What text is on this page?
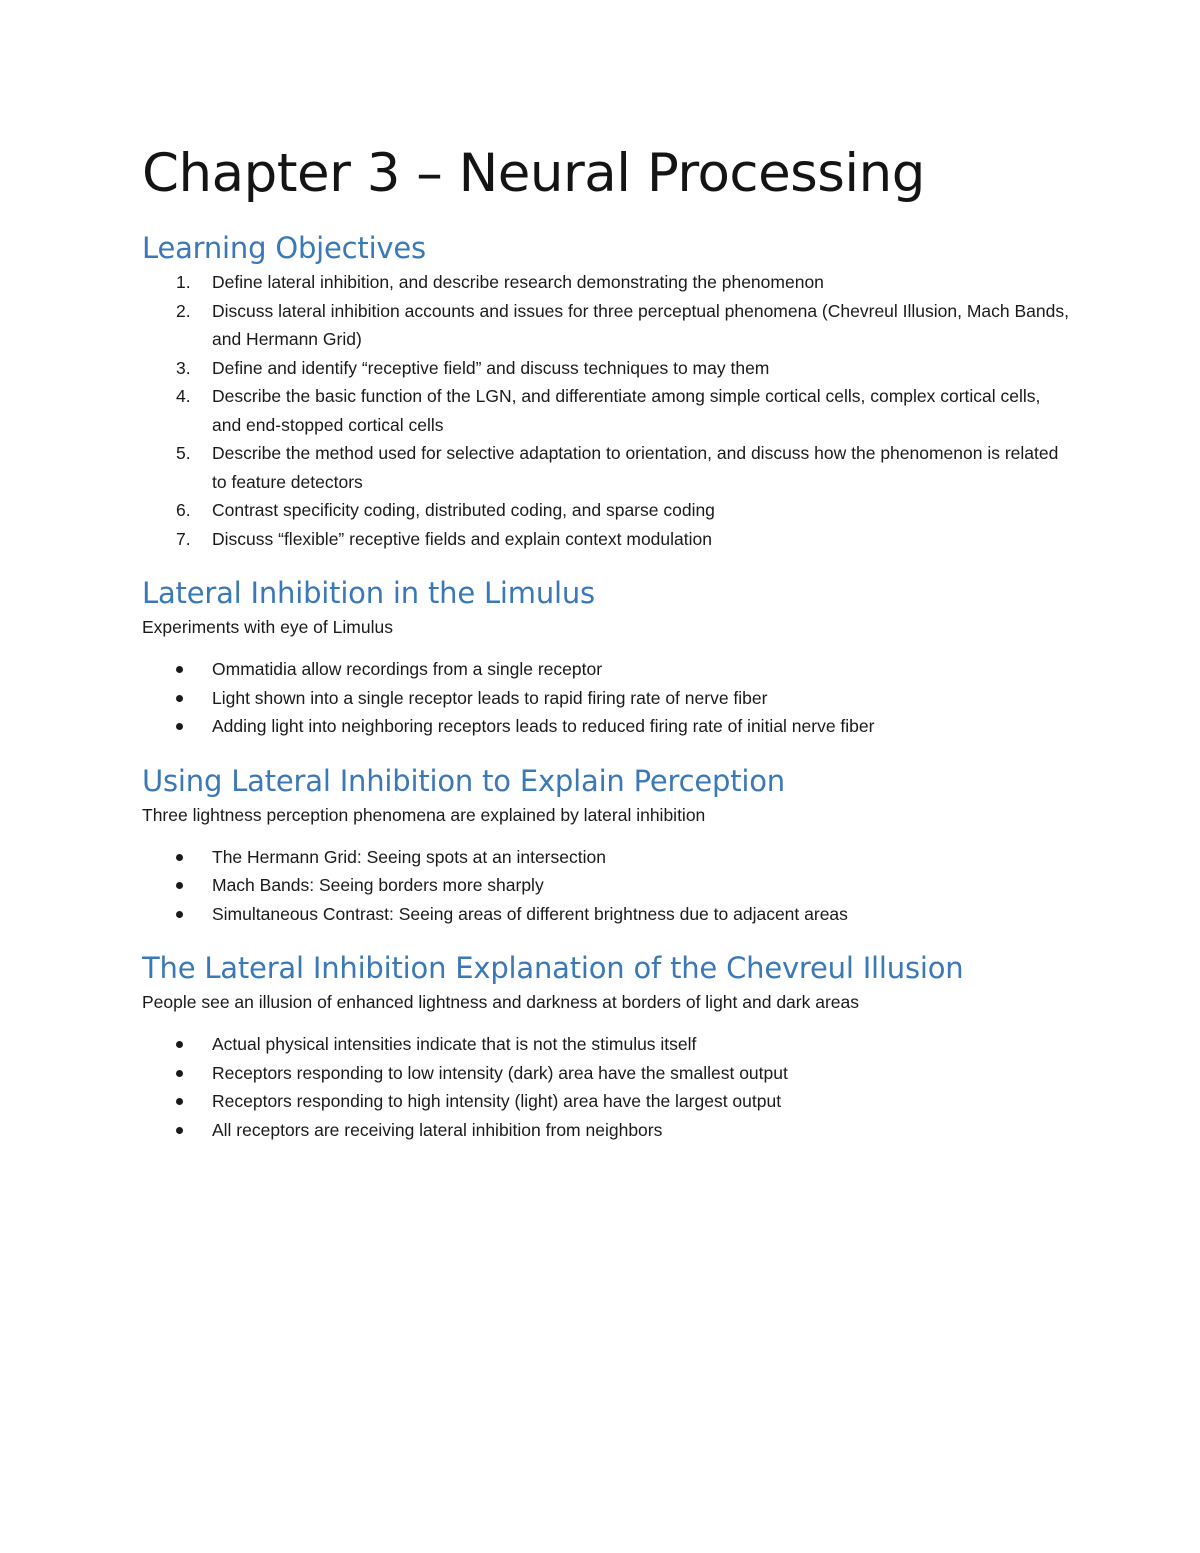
Chapter 3 – Neural Processing
Learning Objectives
1. Define lateral inhibition, and describe research demonstrating the phenomenon
2. Discuss lateral inhibition accounts and issues for three perceptual phenomena (Chevreul Illusion, Mach Bands, and Hermann Grid)
3. Define and identify “receptive field” and discuss techniques to may them
4. Describe the basic function of the LGN, and differentiate among simple cortical cells, complex cortical cells, and end-stopped cortical cells
5. Describe the method used for selective adaptation to orientation, and discuss how the phenomenon is related to feature detectors
6. Contrast specificity coding, distributed coding, and sparse coding
7. Discuss “flexible” receptive fields and explain context modulation
Lateral Inhibition in the Limulus

Experiments with eye of Limulus

Ommatidia allow recordings from a single receptor
Light shown into a single receptor leads to rapid firing rate of nerve fiber
Adding light into neighboring receptors leads to reduced firing rate of initial nerve fiber
Using Lateral Inhibition to Explain Perception

Three lightness perception phenomena are explained by lateral inhibition

The Hermann Grid: Seeing spots at an intersection
Mach Bands: Seeing borders more sharply
Simultaneous Contrast: Seeing areas of different brightness due to adjacent areas
The Lateral Inhibition Explanation of the Chevreul Illusion

People see an illusion of enhanced lightness and darkness at borders of light and dark areas

Actual physical intensities indicate that is not the stimulus itself
Receptors responding to low intensity (dark) area have the smallest output
Receptors responding to high intensity (light) area have the largest output
All receptors are receiving lateral inhibition from neighbors
